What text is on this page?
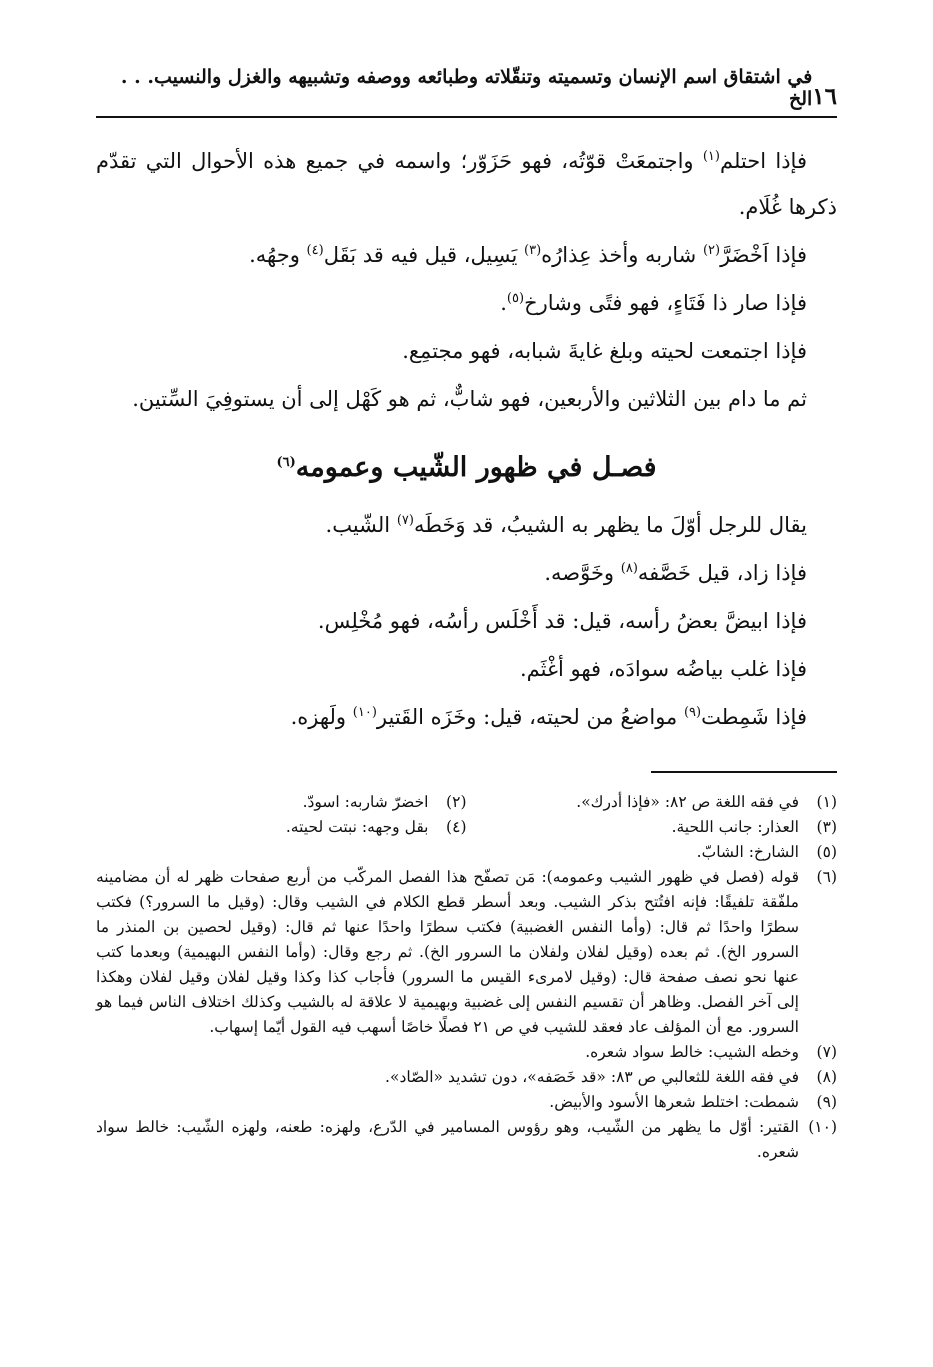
١٦
في اشتقاق اسم الإنسان وتسميته وتنقّلاته وطبائعه ووصفه وتشبيهه والغزل والنسيب. . . الخ

فإذا احتلم$^{(١)}$ واجتمعَتْ قوّتُه، فهو حَزَوّر؛ واسمه في جميع هذه الأحوال التي تقدّم ذكرها غُلَام.

فإذا اَخْضَرَّ$^{(٢)}$ شاربه وأخذ عِذارُه$^{(٣)}$ يَسِيل، قيل فيه قد بَقَل$^{(٤)}$ وجهُه.

فإذا صار ذا فَتَاءٍ، فهو فتًى وشارخ$^{(٥)}$.

فإذا اجتمعت لحيته وبلغ غايةَ شبابه، فهو مجتمِع.

ثم ما دام بين الثلاثين والأربعين، فهو شابٌّ، ثم هو كَهْل إلى أن يستوفِيَ السِّتين.

فصـل في ظهور الشّيب وعمومه$^{(٦)}$

يقال للرجل أوّلَ ما يظهر به الشيبُ، قد وَخَطَه$^{(٧)}$ الشّيب.

فإذا زاد، قيل خَصَّفه$^{(٨)}$ وخَوَّصه.

فإذا ابيضَّ بعضُ رأسه، قيل: قد أَخْلَس رأسُه، فهو مُخْلِس.

فإذا غلب بياضُه سوادَه، فهو أغْثَم.

فإذا شَمِطت$^{(٩)}$ مواضعُ من لحيته، قيل: وخَزَه القَتير$^{(١٠)}$ ولَهزه.

(١)
في فقه اللغة ص ٨٢: «فإذا أدرك».
(٢)
اخضرّ شاربه: اسودّ.
(٣)
العذار: جانب اللحية.
(٤)
بقل وجهه: نبتت لحيته.
(٥)
الشارخ: الشابّ.
(٦)
قوله (فصل في ظهور الشيب وعمومه): مَن تصفّح هذا الفصل المركّب من أربع صفحات ظهر له أن مضامينه ملفّقة تلفيقًا: فإنه افتُتح بذكر الشيب. وبعد أسطر قطع الكلام في الشيب وقال: (وقيل ما السرور؟) فكتب سطرًا واحدًا ثم قال: (وأما النفس الغضبية) فكتب سطرًا واحدًا عنها ثم قال: (وقيل لحصين بن المنذر ما السرور الخ). ثم بعده (وقيل لفلان ولفلان ما السرور الخ). ثم رجع وقال: (وأما النفس البهيمية) وبعدما كتب عنها نحو نصف صفحة قال: (وقيل لامرىء القيس ما السرور) فأجاب كذا وكذا وقيل لفلان وقيل لفلان وهكذا إلى آخر الفصل. وظاهر أن تقسيم النفس إلى غضبية وبهيمية لا علاقة له بالشيب وكذلك اختلاف الناس فيما هو السرور. مع أن المؤلف عاد فعقد للشيب في ص ٢١ فصلًا خاصًا أسهب فيه القول أيّما إسهاب.
(٧)
وخطه الشيب: خالط سواد شعره.
(٨)
في فقه اللغة للثعالبي ص ٨٣: «قد خَصَفه»، دون تشديد «الصّاد».
(٩)
شمطت: اختلط شعرها الأسود والأبيض.
(١٠)
القتير: أوّل ما يظهر من الشّيب، وهو رؤوس المسامير في الدّرع، ولهزه: طعنه، ولهزه الشّيب: خالط سواد شعره.
